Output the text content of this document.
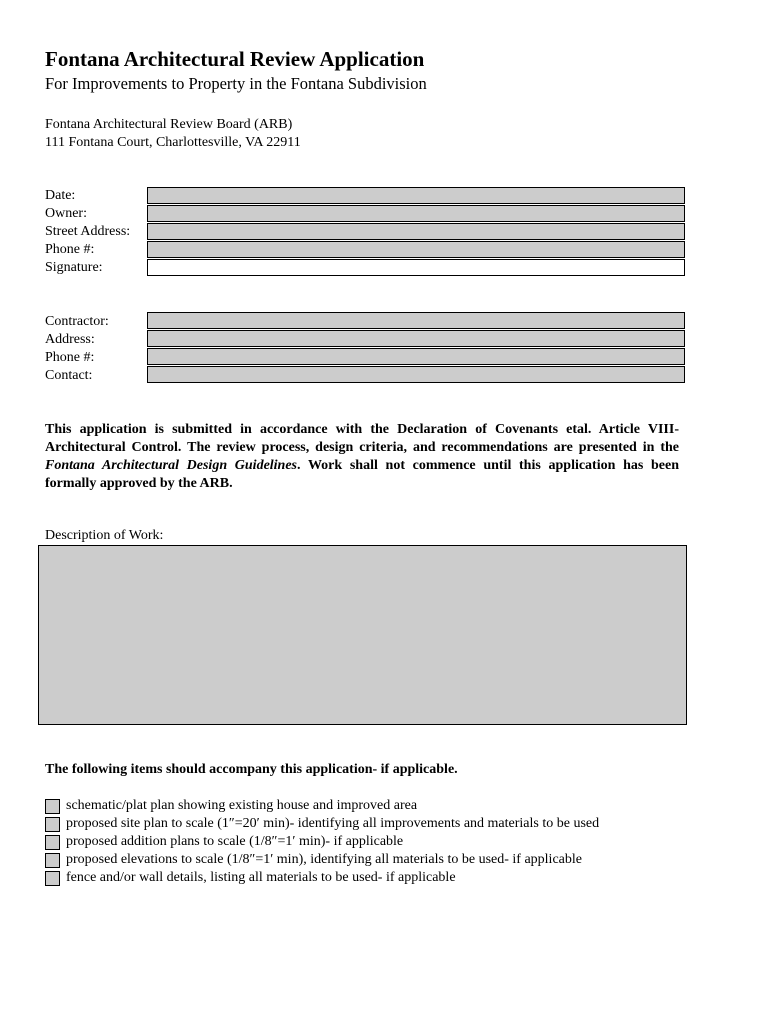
Fontana Architectural Review Application
For Improvements to Property in the Fontana Subdivision
Fontana Architectural Review Board (ARB)
111 Fontana Court, Charlottesville, VA 22911
Date:
Owner:
Street Address:
Phone #:
Signature:
Contractor:
Address:
Phone #:
Contact:
This application is submitted in accordance with the Declaration of Covenants etal. Article VIII-Architectural Control. The review process, design criteria, and recommendations are presented in the Fontana Architectural Design Guidelines. Work shall not commence until this application has been formally approved by the ARB.
Description of Work:
The following items should accompany this application- if applicable.
schematic/plat plan showing existing house and improved area
proposed site plan to scale (1″=20′ min)- identifying all improvements and materials to be used
proposed addition plans to scale (1/8″=1′ min)- if applicable
proposed elevations to scale (1/8″=1′ min), identifying all materials to be used- if applicable
fence and/or wall details, listing all materials to be used- if applicable
